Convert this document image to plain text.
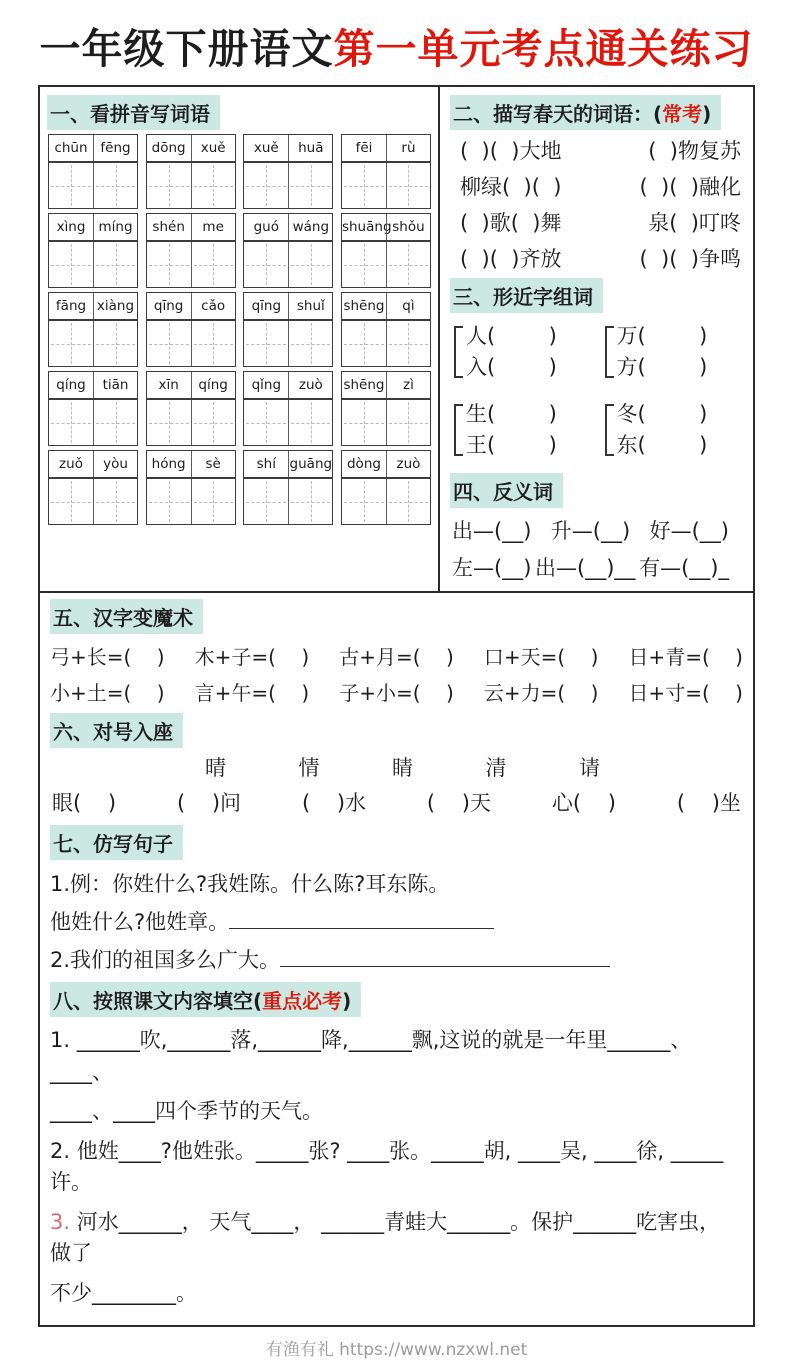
一年级下册语文第一单元考点通关练习
一、看拼音写词语
chūn fēng	dōng	xuě	xuě	huā	fēi	rù
xìng míng	shén	me	guó	wáng shuāng shǒu
fāng xiàng	qīng	cǎo	qīng	shuǐ	shēng	qì
qíng	tiān	xīn	qíng	qǐng	zuò	shēng	zì
zuǒ	yòu	hóng	sè	shí	guāng	dòng	zuò
二、描写春天的词语：(常考)
(  )(  )大地	(  )物复苏
柳绿(  )(  )	(  )(  )融化
(  )歌(  )舞	泉(  )叮咚
(  )(  )齐放	(  )(  )争鸣
三、形近字组词
人(        )
入(        )
万(        )
方(        )
生(        )
王(        )
冬(        )
东(        )
四、反义词
出—(__) 升—(__) 好—(__)
左—(__) 出—(__)__ 有—(__)_
五、汉字变魔术
弓+长=(    ) 木+子=(    ) 古+月=(    ) 口+天=(    ) 日+青=(    )
小+土=(    ) 言+午=(    ) 子+小=(    ) 云+力=(    ) 日+寸=(    )
六、对号入座
晴	情	睛	清	请
眼(    )	(    )问	(    )水	(    )天	心(    )	(    )坐
七、仿写句子
1.例：你姓什么?我姓陈。什么陈?耳东陈。
他姓什么?他姓章。
2.我们的祖国多么广大。
八、按照课文内容填空(重点必考)
1. ______吹,______落,______降,______飘,这说的就是一年里______、____、
____、____四个季节的天气。
2. 他姓____?他姓张。_____张? ____张。_____胡, ____吴, ____徐, _____许。
3. 河水______， 天气____， ______青蛙大______。保护______吃害虫， 做了
不少________。
有渔有礼 https://www.nzxwl.net
